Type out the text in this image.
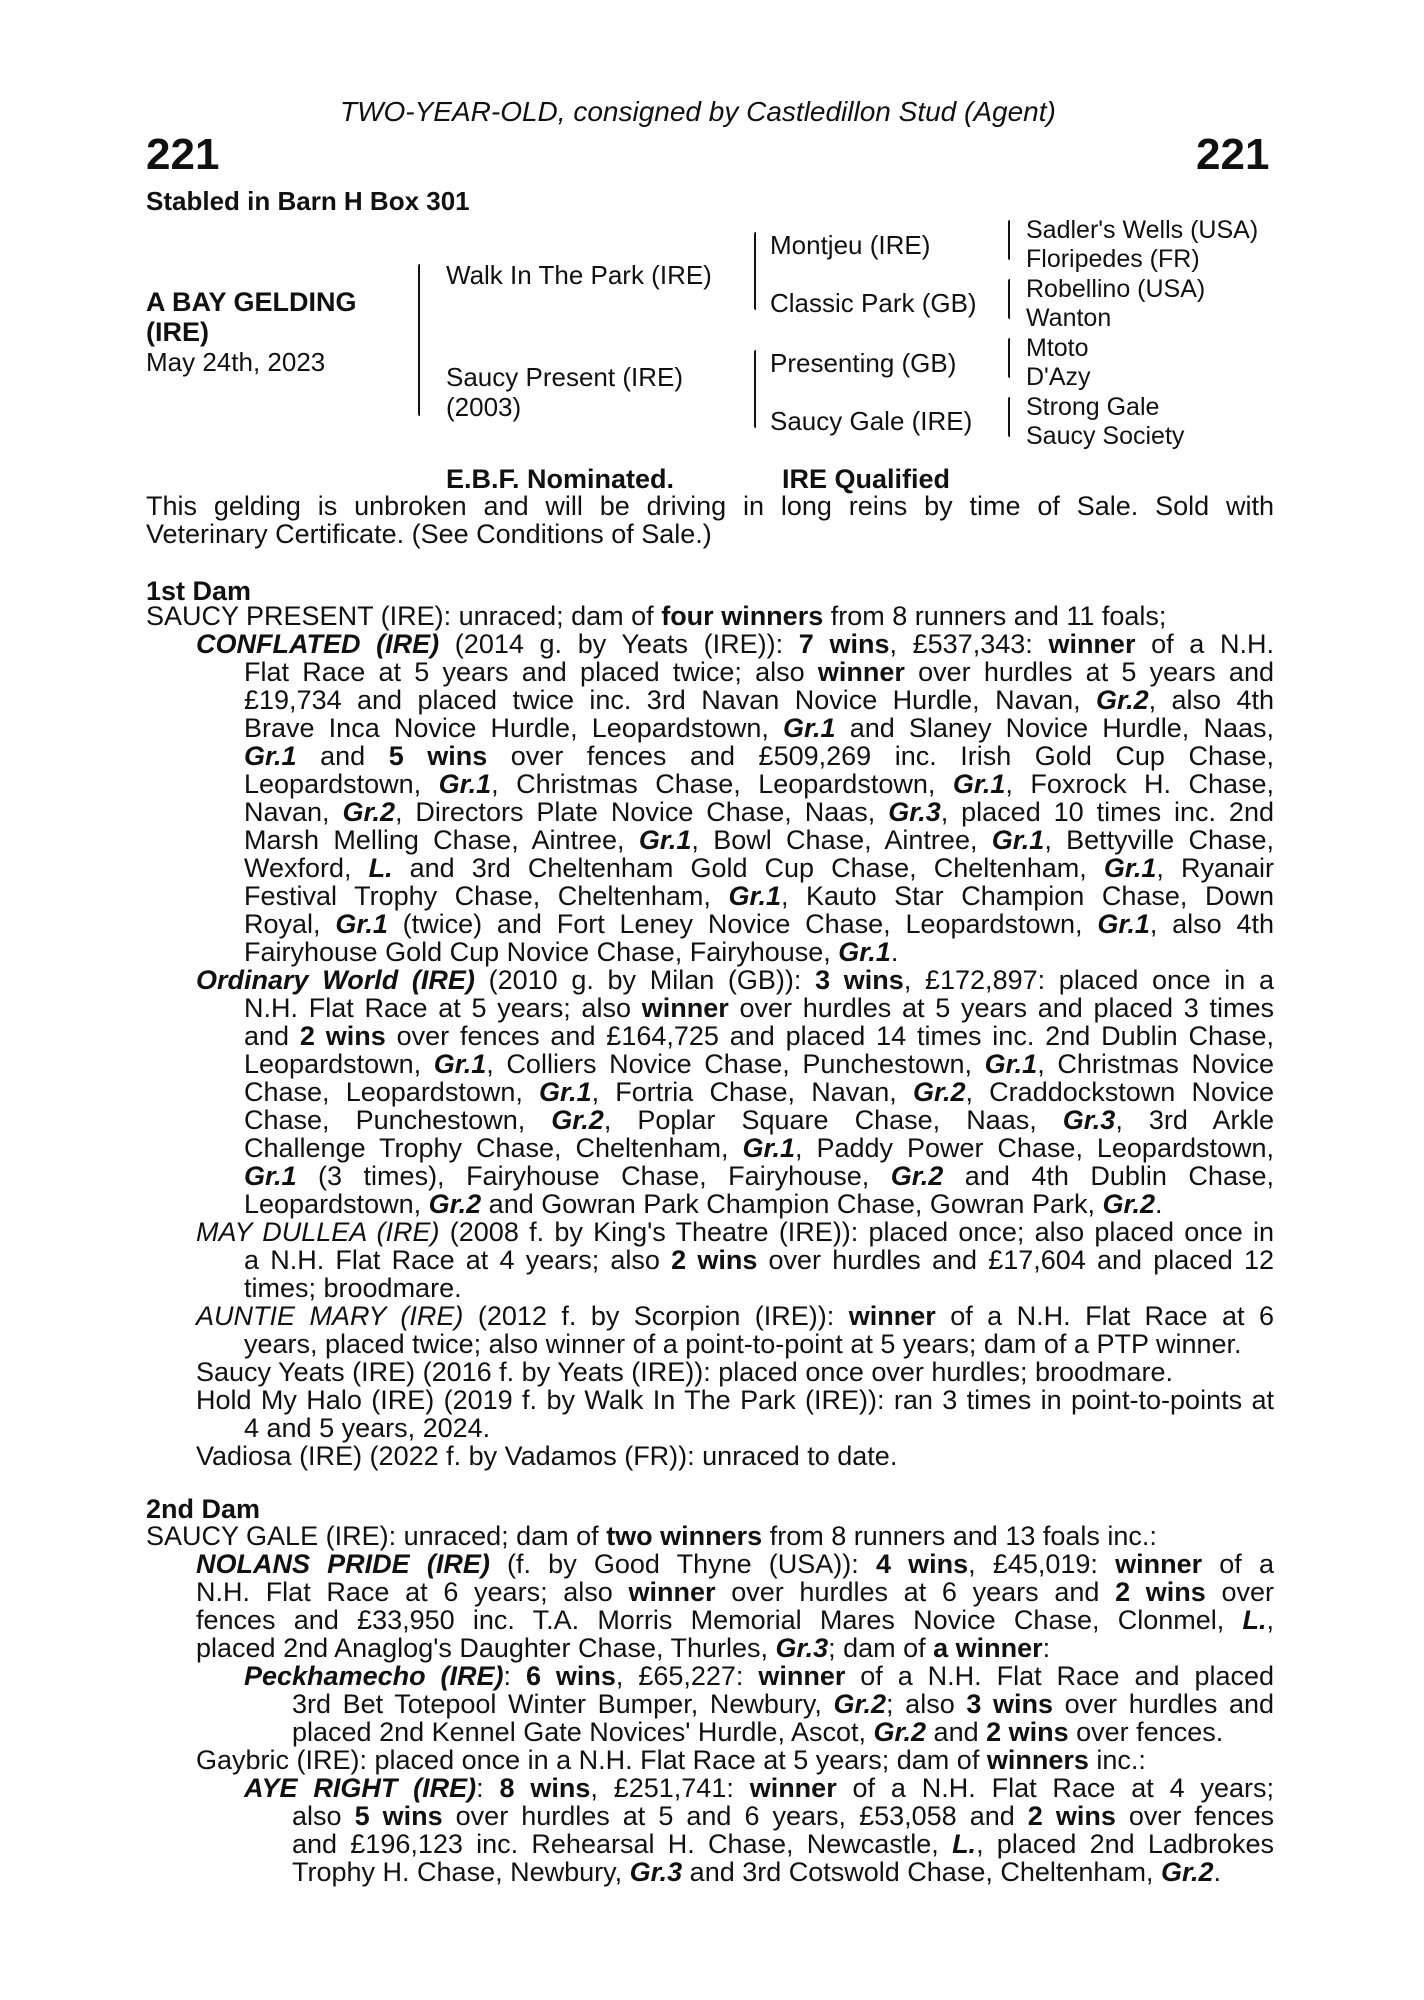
TWO-YEAR-OLD, consigned by Castledillon Stud (Agent)
221	221
Stabled in Barn H Box 301
A BAY GELDING
(IRE)
May 24th, 2023
Walk In The Park (IRE)
Saucy Present (IRE)
(2003)
Montjeu (IRE)
Classic Park (GB)
Presenting (GB)
Saucy Gale (IRE)
Sadler's Wells (USA)
Floripedes (FR)
Robellino (USA)
Wanton
Mtoto
D'Azy
Strong Gale
Saucy Society
E.B.F. Nominated.	IRE Qualified
This gelding is unbroken and will be driving in long reins by time of Sale. Sold with
Veterinary Certificate. (See Conditions of Sale.)
1st Dam
SAUCY PRESENT (IRE): unraced; dam of four winners from 8 runners and 11 foals;
CONFLATED (IRE) (2014 g. by Yeats (IRE)): 7 wins, £537,343: winner of a N.H.
Flat Race at 5 years and placed twice; also winner over hurdles at 5 years and
£19,734 and placed twice inc. 3rd Navan Novice Hurdle, Navan, Gr.2, also 4th
Brave Inca Novice Hurdle, Leopardstown, Gr.1 and Slaney Novice Hurdle, Naas,
Gr.1 and 5 wins over fences and £509,269 inc. Irish Gold Cup Chase,
Leopardstown, Gr.1, Christmas Chase, Leopardstown, Gr.1, Foxrock H. Chase,
Navan, Gr.2, Directors Plate Novice Chase, Naas, Gr.3, placed 10 times inc. 2nd
Marsh Melling Chase, Aintree, Gr.1, Bowl Chase, Aintree, Gr.1, Bettyville Chase,
Wexford, L. and 3rd Cheltenham Gold Cup Chase, Cheltenham, Gr.1, Ryanair
Festival Trophy Chase, Cheltenham, Gr.1, Kauto Star Champion Chase, Down
Royal, Gr.1 (twice) and Fort Leney Novice Chase, Leopardstown, Gr.1, also 4th
Fairyhouse Gold Cup Novice Chase, Fairyhouse, Gr.1.
Ordinary World (IRE) (2010 g. by Milan (GB)): 3 wins, £172,897: placed once in a
N.H. Flat Race at 5 years; also winner over hurdles at 5 years and placed 3 times
and 2 wins over fences and £164,725 and placed 14 times inc. 2nd Dublin Chase,
Leopardstown, Gr.1, Colliers Novice Chase, Punchestown, Gr.1, Christmas Novice
Chase, Leopardstown, Gr.1, Fortria Chase, Navan, Gr.2, Craddockstown Novice
Chase, Punchestown, Gr.2, Poplar Square Chase, Naas, Gr.3, 3rd Arkle
Challenge Trophy Chase, Cheltenham, Gr.1, Paddy Power Chase, Leopardstown,
Gr.1 (3 times), Fairyhouse Chase, Fairyhouse, Gr.2 and 4th Dublin Chase,
Leopardstown, Gr.2 and Gowran Park Champion Chase, Gowran Park, Gr.2.
MAY DULLEA (IRE) (2008 f. by King's Theatre (IRE)): placed once; also placed once in
a N.H. Flat Race at 4 years; also 2 wins over hurdles and £17,604 and placed 12
times; broodmare.
AUNTIE MARY (IRE) (2012 f. by Scorpion (IRE)): winner of a N.H. Flat Race at 6
years, placed twice; also winner of a point-to-point at 5 years; dam of a PTP winner.
Saucy Yeats (IRE) (2016 f. by Yeats (IRE)): placed once over hurdles; broodmare.
Hold My Halo (IRE) (2019 f. by Walk In The Park (IRE)): ran 3 times in point-to-points at
4 and 5 years, 2024.
Vadiosa (IRE) (2022 f. by Vadamos (FR)): unraced to date.
2nd Dam
SAUCY GALE (IRE): unraced; dam of two winners from 8 runners and 13 foals inc.:
NOLANS PRIDE (IRE) (f. by Good Thyne (USA)): 4 wins, £45,019: winner of a
N.H. Flat Race at 6 years; also winner over hurdles at 6 years and 2 wins over
fences and £33,950 inc. T.A. Morris Memorial Mares Novice Chase, Clonmel, L.,
placed 2nd Anaglog's Daughter Chase, Thurles, Gr.3; dam of a winner:
Peckhamecho (IRE): 6 wins, £65,227: winner of a N.H. Flat Race and placed
3rd Bet Totepool Winter Bumper, Newbury, Gr.2; also 3 wins over hurdles and
placed 2nd Kennel Gate Novices' Hurdle, Ascot, Gr.2 and 2 wins over fences.
Gaybric (IRE): placed once in a N.H. Flat Race at 5 years; dam of winners inc.:
AYE RIGHT (IRE): 8 wins, £251,741: winner of a N.H. Flat Race at 4 years;
also 5 wins over hurdles at 5 and 6 years, £53,058 and 2 wins over fences
and £196,123 inc. Rehearsal H. Chase, Newcastle, L., placed 2nd Ladbrokes
Trophy H. Chase, Newbury, Gr.3 and 3rd Cotswold Chase, Cheltenham, Gr.2.
